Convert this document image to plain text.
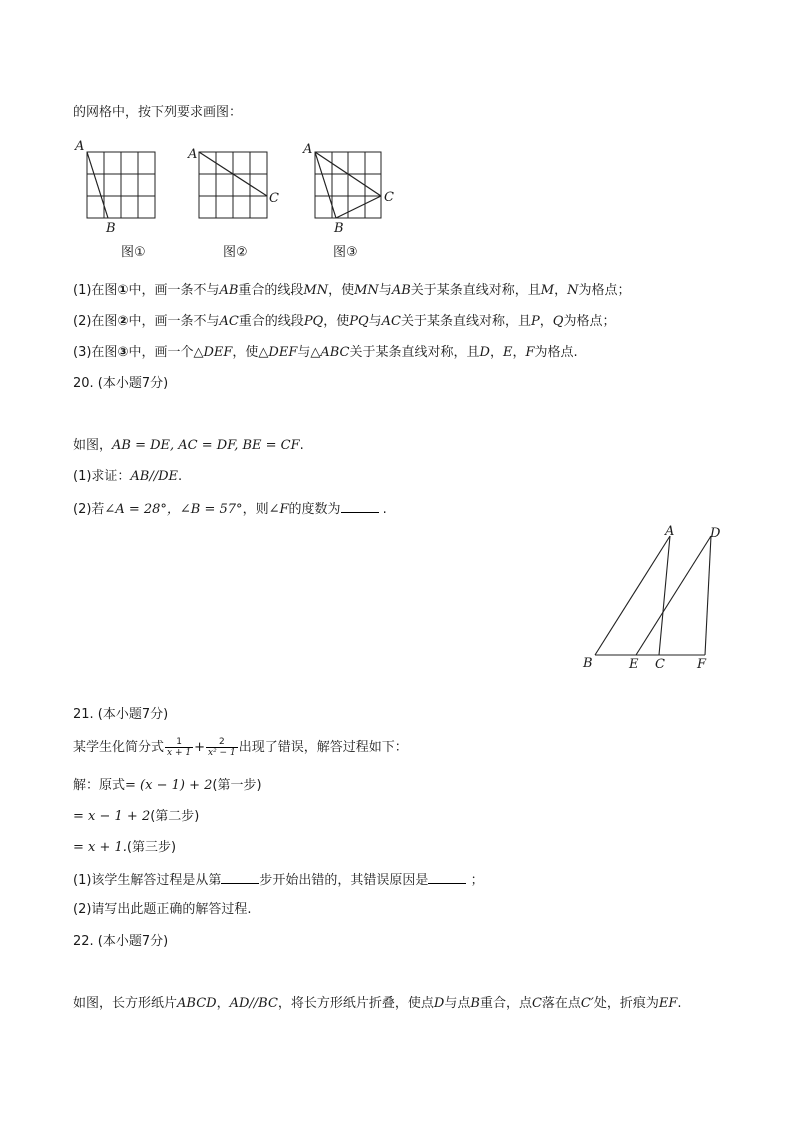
的网格中，按下列要求画图：
A
B
A
C
A
B
C
图①	图②	图③
(1)在图①中，画一条不与AB重合的线段MN，使MN与AB关于某条直线对称，且M，N为格点；
(2)在图②中，画一条不与AC重合的线段PQ，使PQ与AC关于某条直线对称，且P，Q为格点；
(3)在图③中，画一个△DEF，使△DEF与△ABC关于某条直线对称，且D，E，F为格点.
20. (本小题7分)
如图，AB = DE, AC = DF, BE = CF.
(1)求证：AB//DE.
(2)若∠A = 28°，∠B = 57°，则∠F的度数为	.
A	D
B	E C F
21. (本小题7分)
某学生化简分式 $\frac{1}{x + 1} + \frac{2}{\text{x² − 1}}$ 出现了错误，解答过程如下：
解：原式= (x − 1) + 2(第一步)
= x − 1 + 2(第二步)
= x + 1.(第三步)
(1)该学生解答过程是从第	步开始出错的，其错误原因是	；
(2)请写出此题正确的解答过程.
22. (本小题7分)
如图，长方形纸片ABCD，AD//BC，将长方形纸片折叠，使点D与点B重合，点C落在点C′处，折痕为EF.
